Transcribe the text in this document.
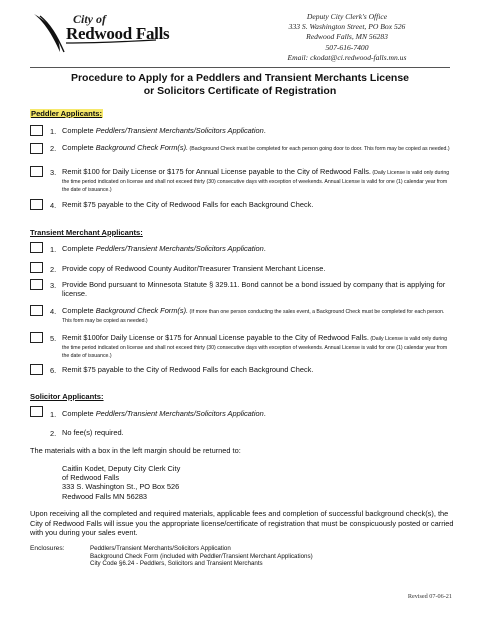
City of
Redwood Falls
Deputy City Clerk's Office
333 S. Washington Street, PO Box 526
Redwood Falls, MN 56283
507-616-7400
Email: ckodat@ci.redwood-falls.mn.us
Procedure to Apply for a Peddlers and Transient Merchants License
or Solicitors Certificate of Registration
Peddler Applicants:
1. Complete Peddlers/Transient Merchants/Solicitors Application.
2. Complete Background Check Form(s). (Background Check must be completed for each person going door to door. This form may be copied as needed.)
3. Remit $100 for Daily License or $175 for Annual License payable to the City of Redwood Falls. (Daily License is valid only during the time period indicated on license and shall not exceed thirty (30) consecutive days with exception of weekends. Annual License is valid for one (1) calendar year from the date of issuance.)
4. Remit $75 payable to the City of Redwood Falls for each Background Check.
Transient Merchant Applicants:
1. Complete Peddlers/Transient Merchants/Solicitors Application.
2. Provide copy of Redwood County Auditor/Treasurer Transient Merchant License.
3. Provide Bond pursuant to Minnesota Statute § 329.11. Bond cannot be a bond issued by company that is applying for license.
4. Complete Background Check Form(s). (If more than one person conducting the sales event, a Background Check must be completed for each person. This form may be copied as needed.)
5. Remit $100for Daily License or $175 for Annual License payable to the City of Redwood Falls. (Daily License is valid only during the time period indicated on license and shall not exceed thirty (30) consecutive days with exception of weekends. Annual License is valid for one (1) calendar year from the date of issuance.)
6. Remit $75 payable to the City of Redwood Falls for each Background Check.
Solicitor Applicants:
1. Complete Peddlers/Transient Merchants/Solicitors Application.
2. No fee(s) required.
The materials with a box in the left margin should be returned to:
Caitlin Kodet, Deputy City Clerk City
of Redwood Falls
333 S. Washington St., PO Box 526
Redwood Falls MN 56283
Upon receiving all the completed and required materials, applicable fees and completion of successful background check(s), the City of Redwood Falls will issue you the appropriate license/certificate of registration that must be conspicuously posted or carried with you during your sales event.
Enclosures:	Peddlers/Transient Merchants/Solicitors Application
Background Check Form (included with Peddler/Transient Merchant Applications)
City Code §6.24 - Peddlers, Solicitors and Transient Merchants
Revised 07-06-21
